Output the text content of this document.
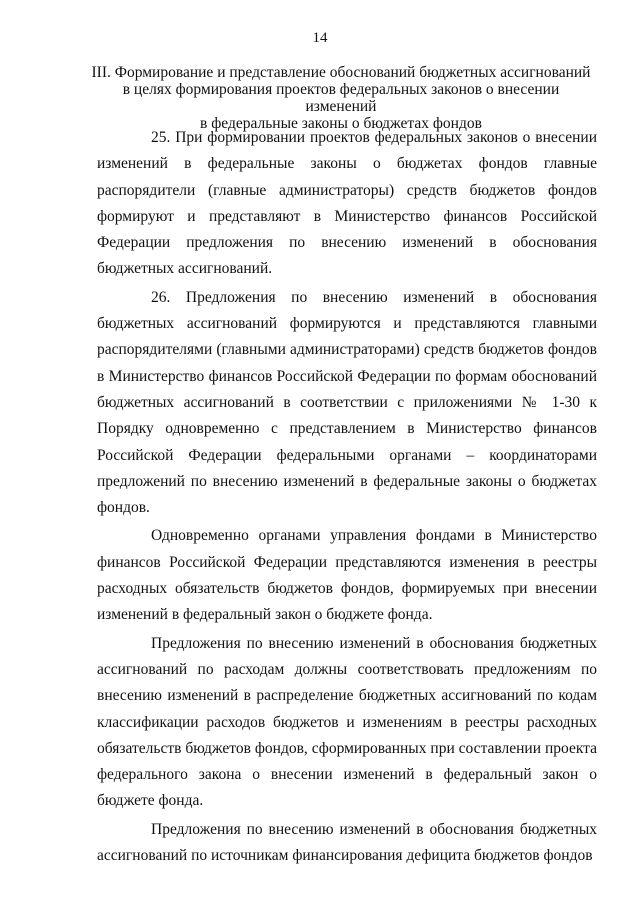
14
III. Формирование и представление обоснований бюджетных ассигнований
в целях формирования проектов федеральных законов о внесении изменений
в федеральные законы о бюджетах фондов

25. При формировании проектов федеральных законов о внесении изменений в федеральные законы о бюджетах фондов главные распорядители (главные администраторы) средств бюджетов фондов формируют и представляют в Министерство финансов Российской Федерации предложения по внесению изменений в обоснования бюджетных ассигнований.

26. Предложения по внесению изменений в обоснования бюджетных ассигнований формируются и представляются главными распорядителями (главными администраторами) средств бюджетов фондов в Министерство финансов Российской Федерации по формам обоснований бюджетных ассигнований в соответствии с приложениями № 1-30 к Порядку одновременно с представлением в Министерство финансов Российской Федерации федеральными органами – координаторами предложений по внесению изменений в федеральные законы о бюджетах фондов.

Одновременно органами управления фондами в Министерство финансов Российской Федерации представляются изменения в реестры расходных обязательств бюджетов фондов, формируемых при внесении изменений в федеральный закон о бюджете фонда.

Предложения по внесению изменений в обоснования бюджетных ассигнований по расходам должны соответствовать предложениям по внесению изменений в распределение бюджетных ассигнований по кодам классификации расходов бюджетов и изменениям в реестры расходных обязательств бюджетов фондов, сформированных при составлении проекта федерального закона о внесении изменений в федеральный закон о бюджете фонда.

Предложения по внесению изменений в обоснования бюджетных ассигнований по источникам финансирования дефицита бюджетов фондов
